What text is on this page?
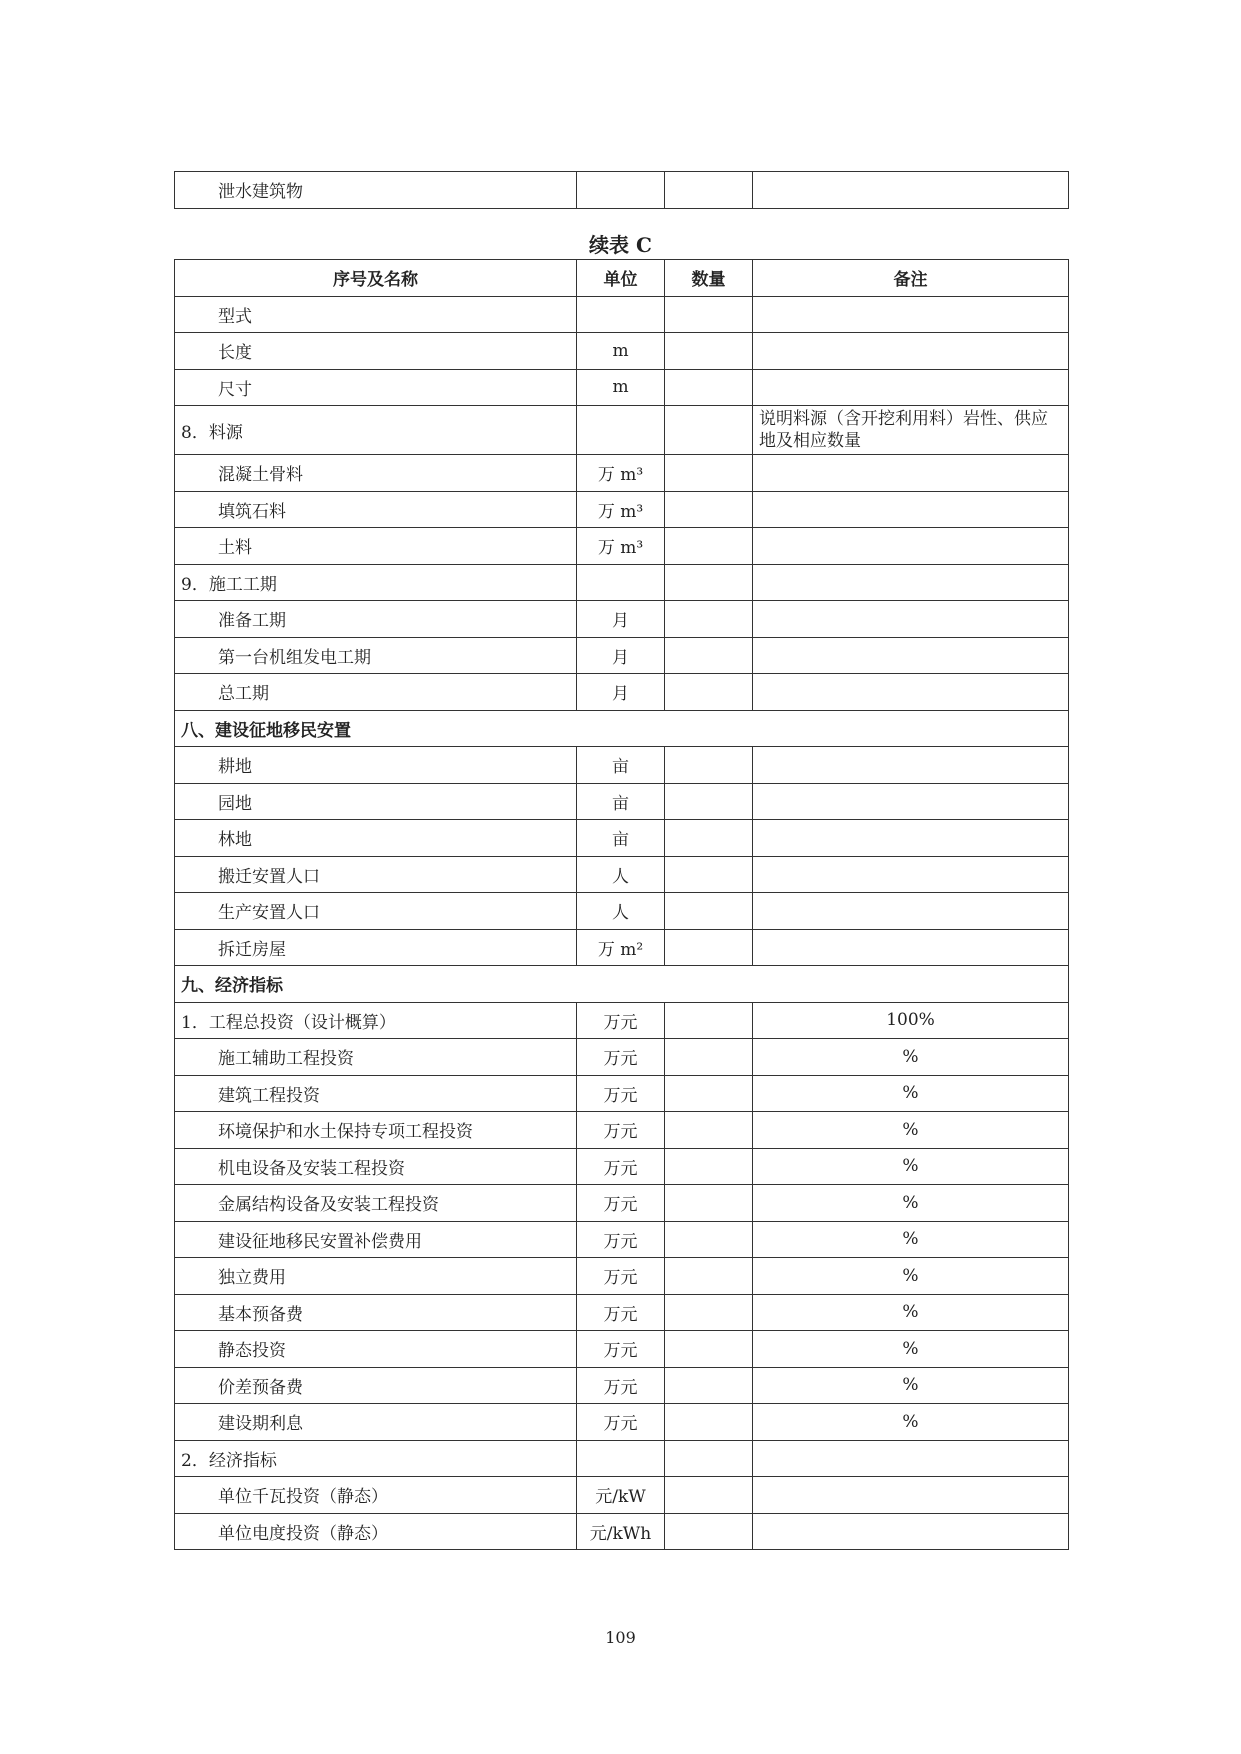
泄水建筑物			
续表 C
序号及名称	单位	数量	备注
型式			
长度	m		
尺寸	m		
8．料源			说明料源（含开挖利用料）岩性、供应地及相应数量
混凝土骨料	万 m³		
填筑石料	万 m³		
土料	万 m³		
9．施工工期			
准备工期	月		
第一台机组发电工期	月		
总工期	月		
八、建设征地移民安置			
耕地	亩		
园地	亩		
林地	亩		
搬迁安置人口	人		
生产安置人口	人		
拆迁房屋	万 m²		
九、经济指标			
1．工程总投资（设计概算）	万元		100%
施工辅助工程投资	万元		%
建筑工程投资	万元		%
环境保护和水土保持专项工程投资	万元		%
机电设备及安装工程投资	万元		%
金属结构设备及安装工程投资	万元		%
建设征地移民安置补偿费用	万元		%
独立费用	万元		%
基本预备费	万元		%
静态投资	万元		%
价差预备费	万元		%
建设期利息	万元		%
2．经济指标			
单位千瓦投资（静态）	元/kW		
单位电度投资（静态）	元/kWh		
109
